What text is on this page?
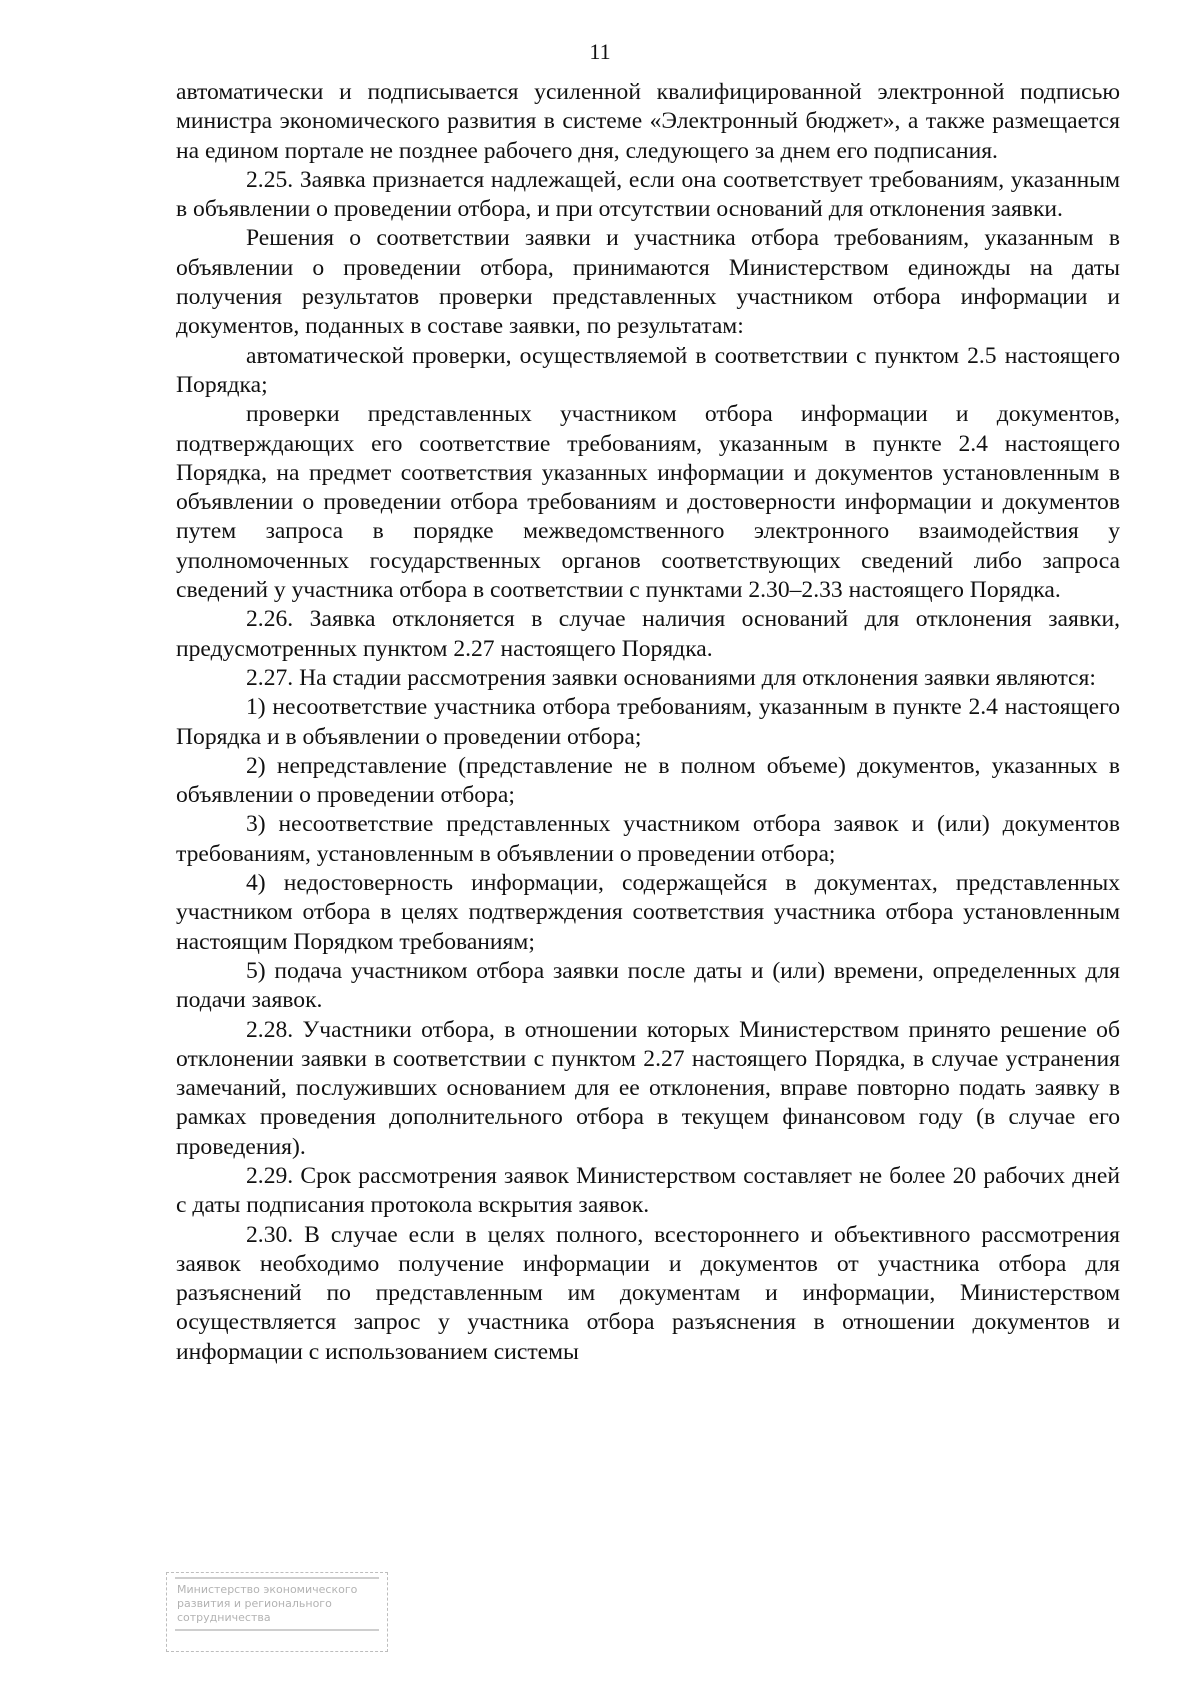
11

автоматически и подписывается усиленной квалифицированной электронной подписью министра экономического развития в системе «Электронный бюджет», а также размещается на едином портале не позднее рабочего дня, следующего за днем его подписания.

2.25. Заявка признается надлежащей, если она соответствует требованиям, указанным в объявлении о проведении отбора, и при отсутствии оснований для отклонения заявки.

Решения о соответствии заявки и участника отбора требованиям, указанным в объявлении о проведении отбора, принимаются Министерством единожды на даты получения результатов проверки представленных участником отбора информации и документов, поданных в составе заявки, по результатам:

автоматической проверки, осуществляемой в соответствии с пунктом 2.5 настоящего Порядка;

проверки представленных участником отбора информации и документов, подтверждающих его соответствие требованиям, указанным в пункте 2.4 настоящего Порядка, на предмет соответствия указанных информации и документов установленным в объявлении о проведении отбора требованиям и достоверности информации и документов путем запроса в порядке межведомственного электронного взаимодействия у уполномоченных государственных органов соответствующих сведений либо запроса сведений у участника отбора в соответствии с пунктами 2.30–2.33 настоящего Порядка.

2.26. Заявка отклоняется в случае наличия оснований для отклонения заявки, предусмотренных пунктом 2.27 настоящего Порядка.

2.27. На стадии рассмотрения заявки основаниями для отклонения заявки являются:

1) несоответствие участника отбора требованиям, указанным в пункте 2.4 настоящего Порядка и в объявлении о проведении отбора;

2) непредставление (представление не в полном объеме) документов, указанных в объявлении о проведении отбора;

3) несоответствие представленных участником отбора заявок и (или) документов требованиям, установленным в объявлении о проведении отбора;

4) недостоверность информации, содержащейся в документах, представленных участником отбора в целях подтверждения соответствия участника отбора установленным настоящим Порядком требованиям;

5) подача участником отбора заявки после даты и (или) времени, определенных для подачи заявок.

2.28. Участники отбора, в отношении которых Министерством принято решение об отклонении заявки в соответствии с пунктом 2.27 настоящего Порядка, в случае устранения замечаний, послуживших основанием для ее отклонения, вправе повторно подать заявку в рамках проведения дополнительного отбора в текущем финансовом году (в случае его проведения).

2.29. Срок рассмотрения заявок Министерством составляет не более 20 рабочих дней с даты подписания протокола вскрытия заявок.

2.30. В случае если в целях полного, всестороннего и объективного рассмотрения заявок необходимо получение информации и документов от участника отбора для разъяснений по представленным им документам и информации, Министерством осуществляется запрос у участника отбора разъяснения в отношении документов и информации с использованием системы

Министерство экономического
развития и регионального
сотрудничества
